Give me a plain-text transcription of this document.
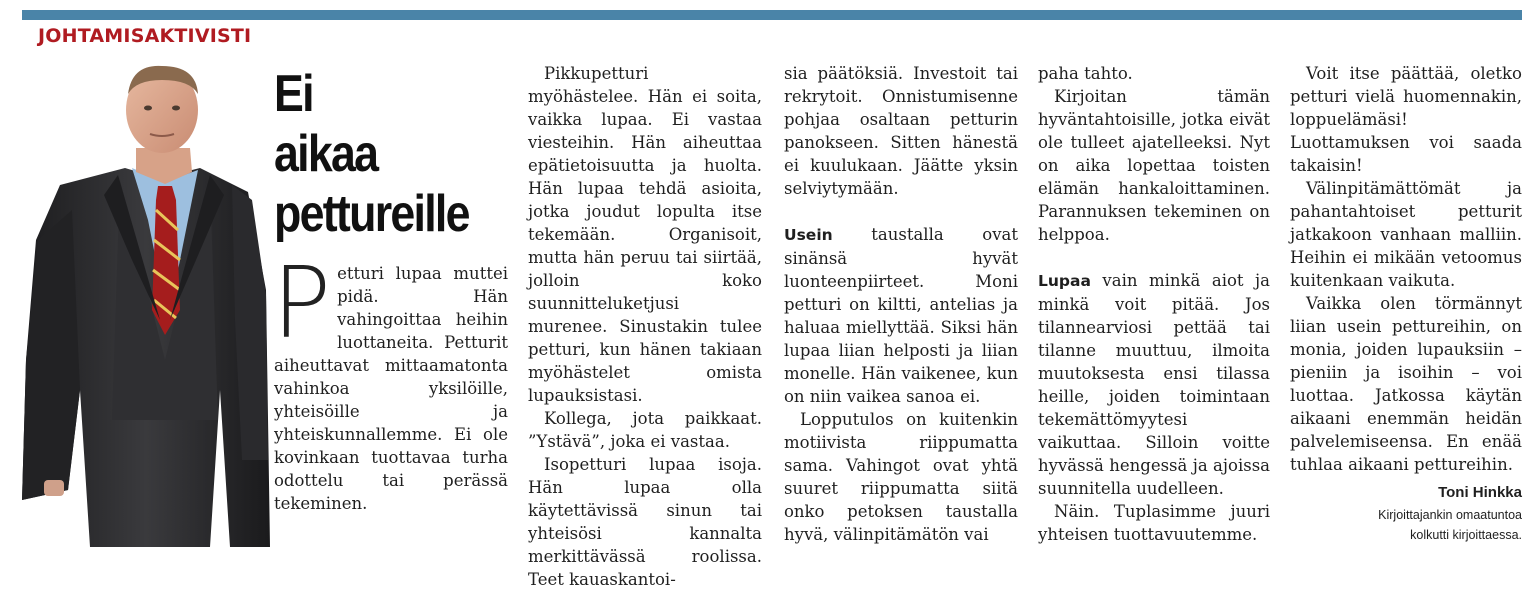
JOHTAMISAKTIVISTI
Ei
aikaa
pettureille
P etturi lupaa muttei pidä. Hän vahingoittaa heihin luottaneita. Petturit aiheuttavat mittaamatonta vahinkoa yksilöille, yhteisöille ja yhteiskunnallemme. Ei ole kovinkaan tuottavaa turha odottelu tai perässä tekeminen.

Pikkupetturi myöhästelee. Hän ei soita, vaikka lupaa. Ei vastaa viesteihin. Hän aiheuttaa epätietoisuutta ja huolta. Hän lupaa tehdä asioita, jotka joudut lopulta itse tekemään. Organisoit, mutta hän peruu tai siirtää, jolloin koko suunnitteluketjusi murenee. Sinustakin tulee petturi, kun hänen takiaan myöhästelet omista lupauksistasi.

Kollega, jota paikkaat. ”Ystävä”, joka ei vastaa.

Isopetturi lupaa isoja. Hän lupaa olla käytettävissä sinun tai yhteisösi kannalta merkittävässä roolissa. Teet kauaskantoi-

sia päätöksiä. Investoit tai rekrytoit. Onnistumisenne pohjaa osaltaan petturin panokseen. Sitten hänestä ei kuulukaan. Jäätte yksin selviytymään.

Usein taustalla ovat sinänsä hyvät luonteenpiirteet. Moni petturi on kiltti, antelias ja haluaa miellyttää. Siksi hän lupaa liian helposti ja liian monelle. Hän vaikenee, kun on niin vaikea sanoa ei.

Lopputulos on kuitenkin motiivista riippumatta sama. Vahingot ovat yhtä suuret riippumatta siitä onko petoksen taustalla hyvä, välinpitämätön vai

paha tahto.

Kirjoitan tämän hyväntahtoisille, jotka eivät ole tulleet ajatelleeksi. Nyt on aika lopettaa toisten elämän hankaloittaminen. Parannuksen tekeminen on helppoa.

Lupaa vain minkä aiot ja minkä voit pitää. Jos tilannearviosi pettää tai tilanne muuttuu, ilmoita muutoksesta ensi tilassa heille, joiden toimintaan tekemättömyytesi vaikuttaa. Silloin voitte hyvässä hengessä ja ajoissa suunnitella uudelleen.

Näin. Tuplasimme juuri yhteisen tuottavuutemme.

Voit itse päättää, oletko petturi vielä huomennakin, loppuelämäsi! Luottamuksen voi saada takaisin!

Välinpitämättömät ja pahantahtoiset petturit jatkakoon vanhaan malliin. Heihin ei mikään vetoomus kuitenkaan vaikuta.

Vaikka olen törmännyt liian usein pettureihin, on monia, joiden lupauksiin – pieniin ja isoihin – voi luottaa. Jatkossa käytän aikaani enemmän heidän palvelemiseensa. En enää tuhlaa aikaani pettureihin.

Toni Hinkka
Kirjoittajankin omaatuntoa
kolkutti kirjoittaessa.
